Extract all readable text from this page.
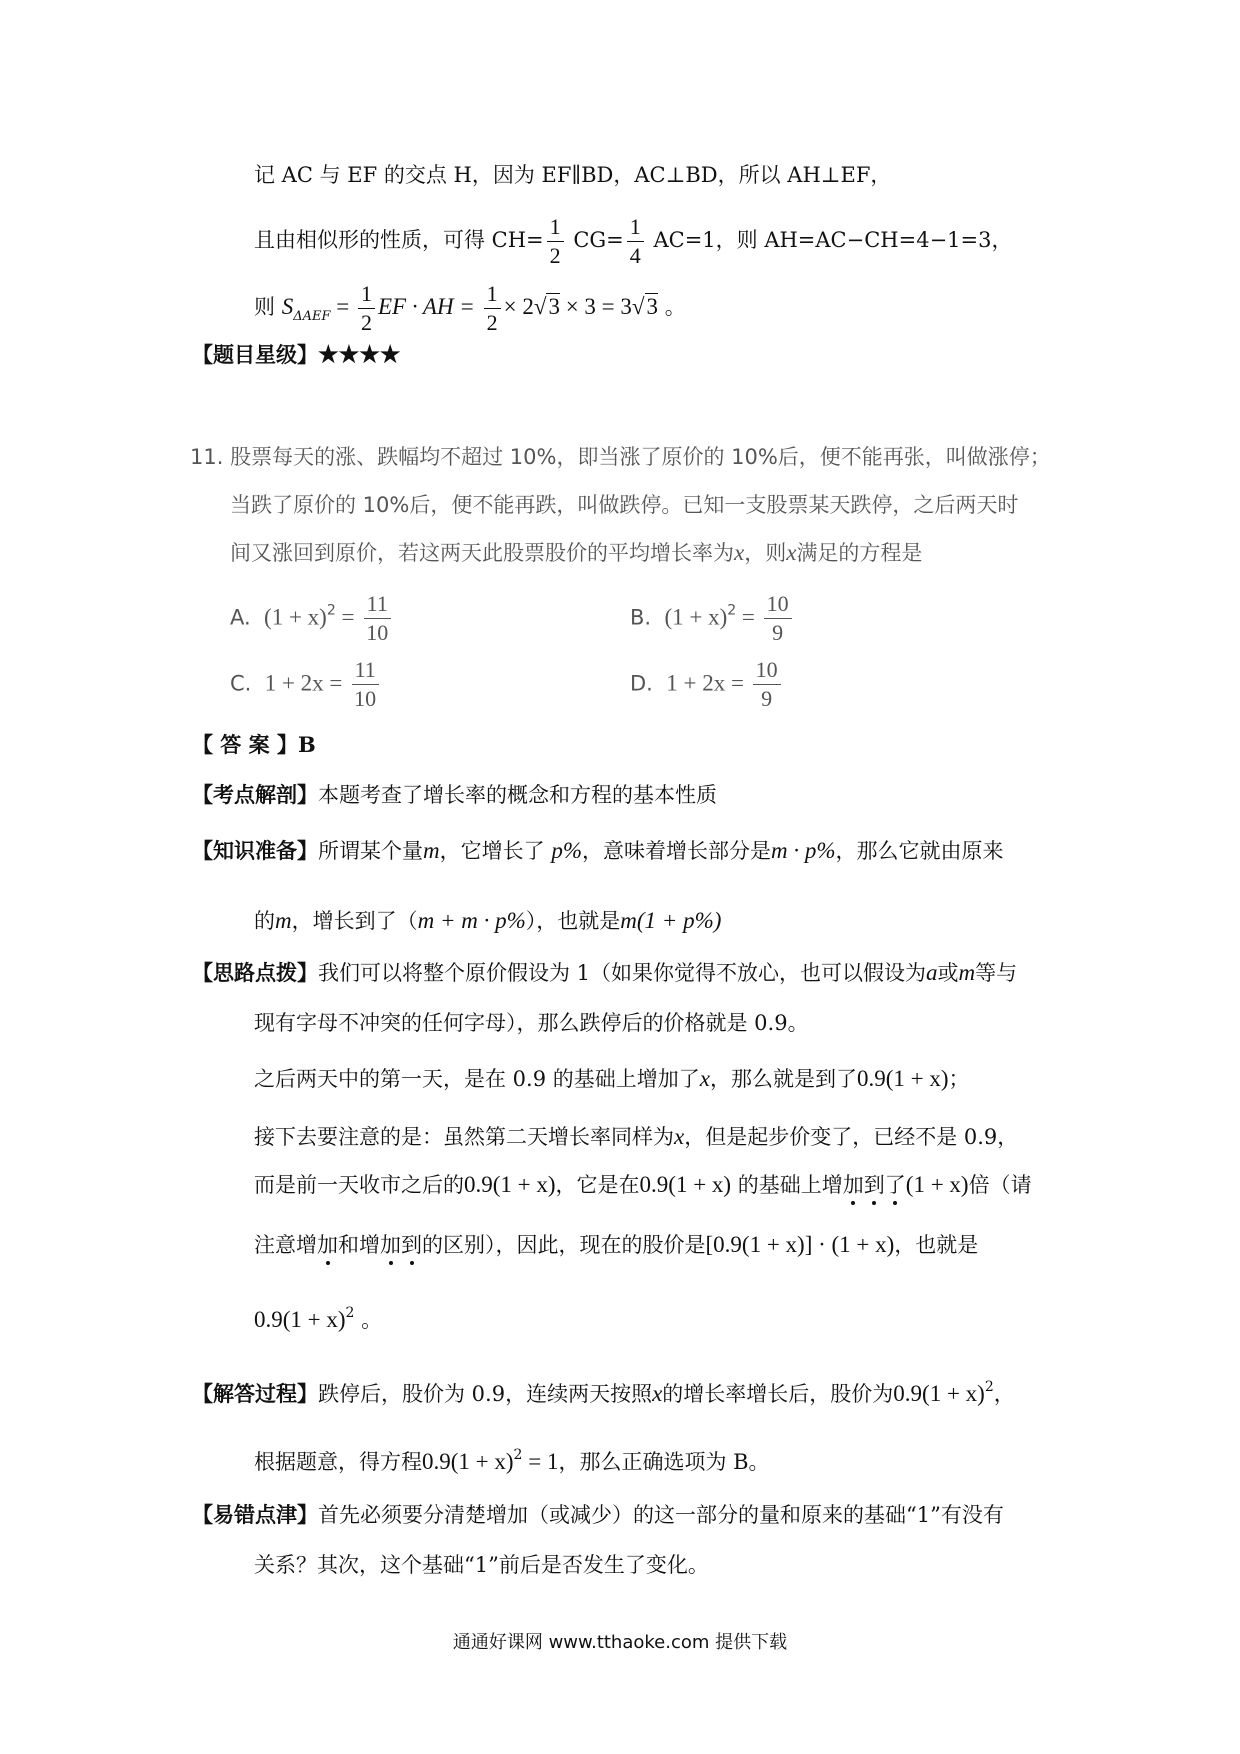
记 AC 与 EF 的交点 H，因为 EF∥BD，AC⊥BD，所以 AH⊥EF，
且由相似形的性质，可得 $CH= \frac{1}{2} CG= \frac{1}{4} AC=1$，则 AH=AC−CH=4−1=3，
则 $S_{\Delta AEF} = \frac{1}{2}$ EF · AH = $\frac{1}{2} \times 2√3 \times 3 = 3√3$ 。
【题目星级】★★★★
11. 股票每天的涨、跌幅均不超过 10%，即当涨了原价的 10%后，便不能再张，叫做涨停；
当跌了原价的 10%后，便不能再跌，叫做跌停。已知一支股票某天跌停，之后两天时
间又涨回到原价，若这两天此股票股价的平均增长率为x，则x满足的方程是
A. $(1 + x)^2 = \frac{11}{10}$	B. $(1 + x)^2 = \frac{10}{9}$
C. $1 + 2x = \frac{11}{10}$	D. $1 + 2x = \frac{10}{9}$
【 答 案 】B
【考点解剖】本题考查了增长率的概念和方程的基本性质
【知识准备】所谓某个量m，它增长了 p%，意味着增长部分是m · p%，那么它就由原来
的m，增长到了（m + m · p%），也就是m(1 + p%)
【思路点拨】我们可以将整个原价假设为 1（如果你觉得不放心，也可以假设为a或m等与
现有字母不冲突的任何字母），那么跌停后的价格就是 0.9。
之后两天中的第一天，是在 0.9 的基础上增加了x，那么就是到了0.9(1 + x)；
接下去要注意的是：虽然第二天增长率同样为x，但是起步价变了，已经不是 0.9，
而是前一天收市之后的0.9(1 + x)，它是在0.9(1 + x) 的基础上增加到了(1 + x)倍（请
注意增加和增加到的区别），因此，现在的股价是[0.9(1 + x)] · (1 + x)，也就是
$0.9(1 + x)^2$ 。
【解答过程】跌停后，股价为 0.9，连续两天按照x的增长率增长后，股价为$0.9(1 + x)^2$，
根据题意，得方程$0.9(1 + x)^2 = 1$，那么正确选项为 B。
【易错点津】首先必须要分清楚增加（或减少）的这一部分的量和原来的基础“1”有没有
关系？其次，这个基础“1”前后是否发生了变化。
通通好课网 www.tthaoke.com 提供下载
